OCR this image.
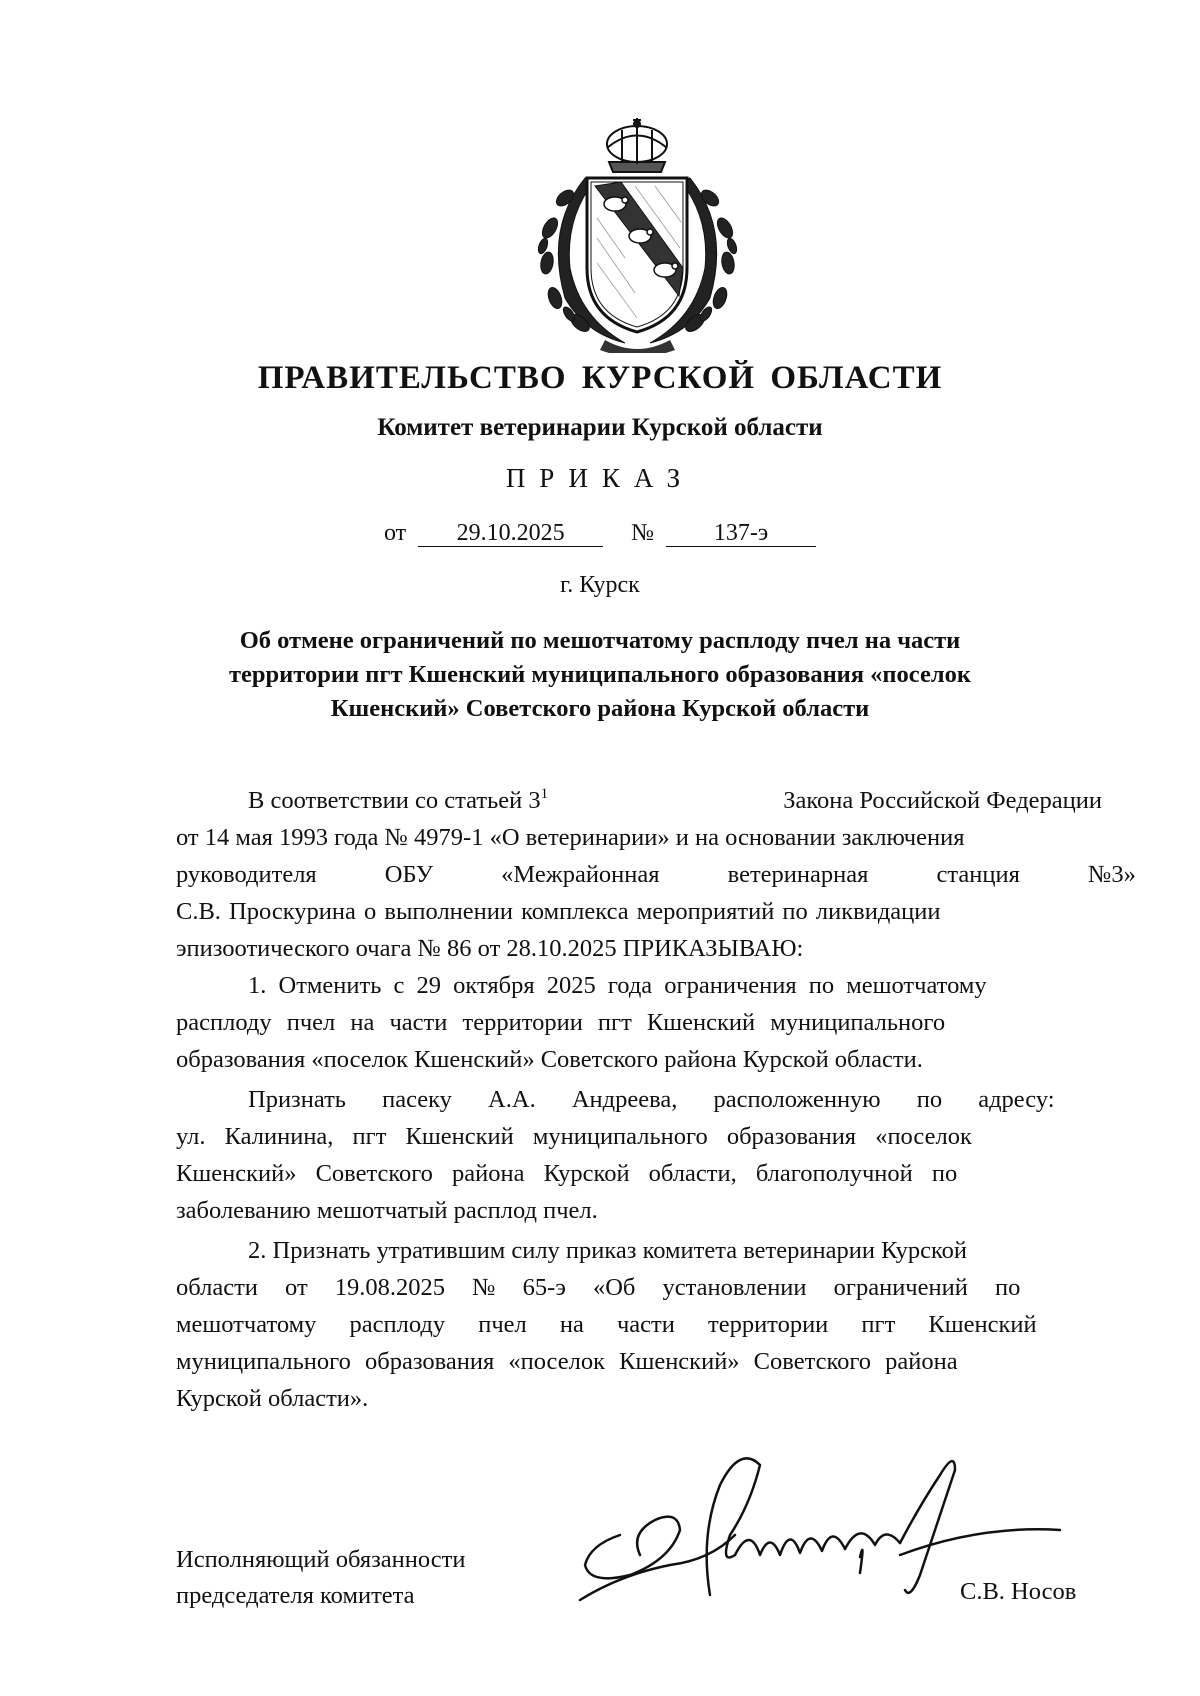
ПРАВИТЕЛЬСТВО КУРСКОЙ ОБЛАСТИ
Комитет ветеринарии Курской области
ПРИКАЗ
от 29.10.2025	№ 137-э
г. Курск
Об отмене ограничений по мешотчатому расплоду пчел на части
территории пгт Кшенский муниципального образования «поселок
Кшенский» Советского района Курской области
В соответствии со статьей $3^1$	Закона Российской Федерации
от 14 мая 1993 года № 4979-1 «О ветеринарии» и на основании заключения
руководителя ОБУ «Межрайонная ветеринарная станция №3»
С.В. Проскурина о выполнении комплекса мероприятий по ликвидации
эпизоотического очага № 86 от 28.10.2025 ПРИКАЗЫВАЮ:
1. Отменить с 29 октября 2025 года ограничения по мешотчатому
расплоду пчел на части территории пгт Кшенский муниципального
образования «поселок Кшенский» Советского района Курской области.
Признать пасеку А.А. Андреева, расположенную по адресу:
ул. Калинина, пгт Кшенский муниципального образования «поселок
Кшенский» Советского района Курской области, благополучной по
заболеванию мешотчатый расплод пчел.
2. Признать утратившим силу приказ комитета ветеринарии Курской
области от 19.08.2025 № 65-э «Об установлении ограничений по
мешотчатому расплоду пчел на части территории пгт Кшенский
муниципального образования «поселок Кшенский» Советского района
Курской области».
Исполняющий обязанности
председателя комитета	С.В. Носов
